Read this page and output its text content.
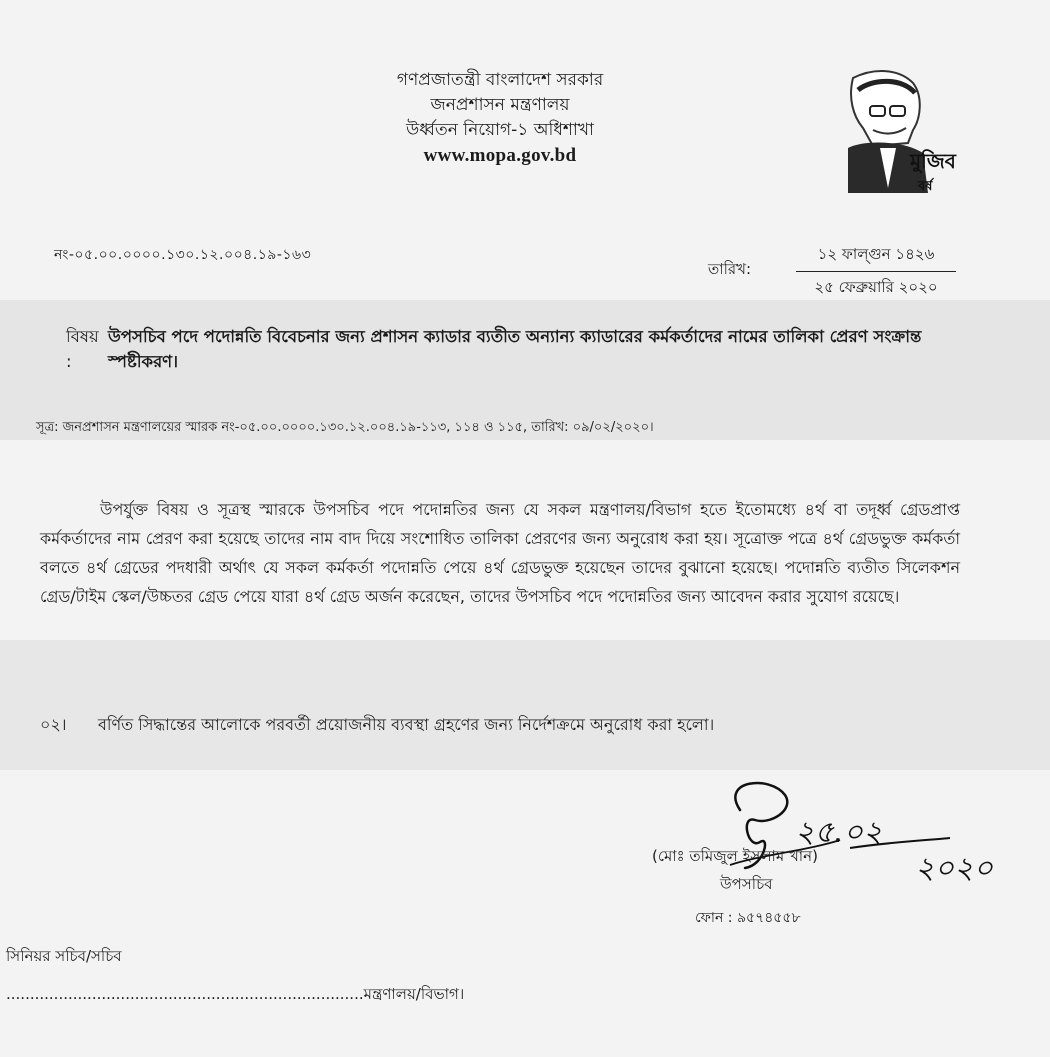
গণপ্রজাতন্ত্রী বাংলাদেশ সরকার
জনপ্রশাসন মন্ত্রণালয়
উর্ধ্বতন নিয়োগ-১ অধিশাখা
www.mopa.gov.bd	মুজিব
বর্ষ
নং-০৫.০০.০০০০.১৩০.১২.০০৪.১৯-১৬৩
তারিখ:
১২ ফাল্গুন ১৪২৬
২৫ ফেব্রুয়ারি ২০২০
বিষয় :উপসচিব পদে পদোন্নতি বিবেচনার জন্য প্রশাসন ক্যাডার ব্যতীত অন্যান্য ক্যাডারের কর্মকর্তাদের নামের তালিকা প্রেরণ সংক্রান্ত স্পষ্টীকরণ।
সূত্র: জনপ্রশাসন মন্ত্রণালয়ের স্মারক নং-০৫.০০.০০০০.১৩০.১২.০০৪.১৯-১১৩, ১১৪ ও ১১৫, তারিখ: ০৯/০২/২০২০।
উপর্যুক্ত বিষয় ও সূত্রস্থ স্মারকে উপসচিব পদে পদোন্নতির জন্য যে সকল মন্ত্রণালয়/বিভাগ হতে ইতোমধ্যে ৪র্থ বা তদূর্ধ্ব গ্রেডপ্রাপ্ত কর্মকর্তাদের নাম প্রেরণ করা হয়েছে তাদের নাম বাদ দিয়ে সংশোধিত তালিকা প্রেরণের জন্য অনুরোধ করা হয়। সূত্রোক্ত পত্রে ৪র্থ গ্রেডভুক্ত কর্মকর্তা বলতে ৪র্থ গ্রেডের পদধারী অর্থাৎ যে সকল কর্মকর্তা পদোন্নতি পেয়ে ৪র্থ গ্রেডভুক্ত হয়েছেন তাদের বুঝানো হয়েছে। পদোন্নতি ব্যতীত সিলেকশন গ্রেড/টাইম স্কেল/উচ্চতর গ্রেড পেয়ে যারা ৪র্থ গ্রেড অর্জন করেছেন, তাদের উপসচিব পদে পদোন্নতির জন্য আবেদন করার সুযোগ রয়েছে।
০২। বর্ণিত সিদ্ধান্তের আলোকে পরবর্তী প্রয়োজনীয় ব্যবস্থা গ্রহণের জন্য নির্দেশক্রমে অনুরোধ করা হলো।
২৫.০২
২০২০
(মোঃ তমিজুল ইসলাম খান)
উপসচিব
ফোন : ৯৫৭৪৫৫৮
সিনিয়র সচিব/সচিব
...........................................................................মন্ত্রণালয়/বিভাগ।
